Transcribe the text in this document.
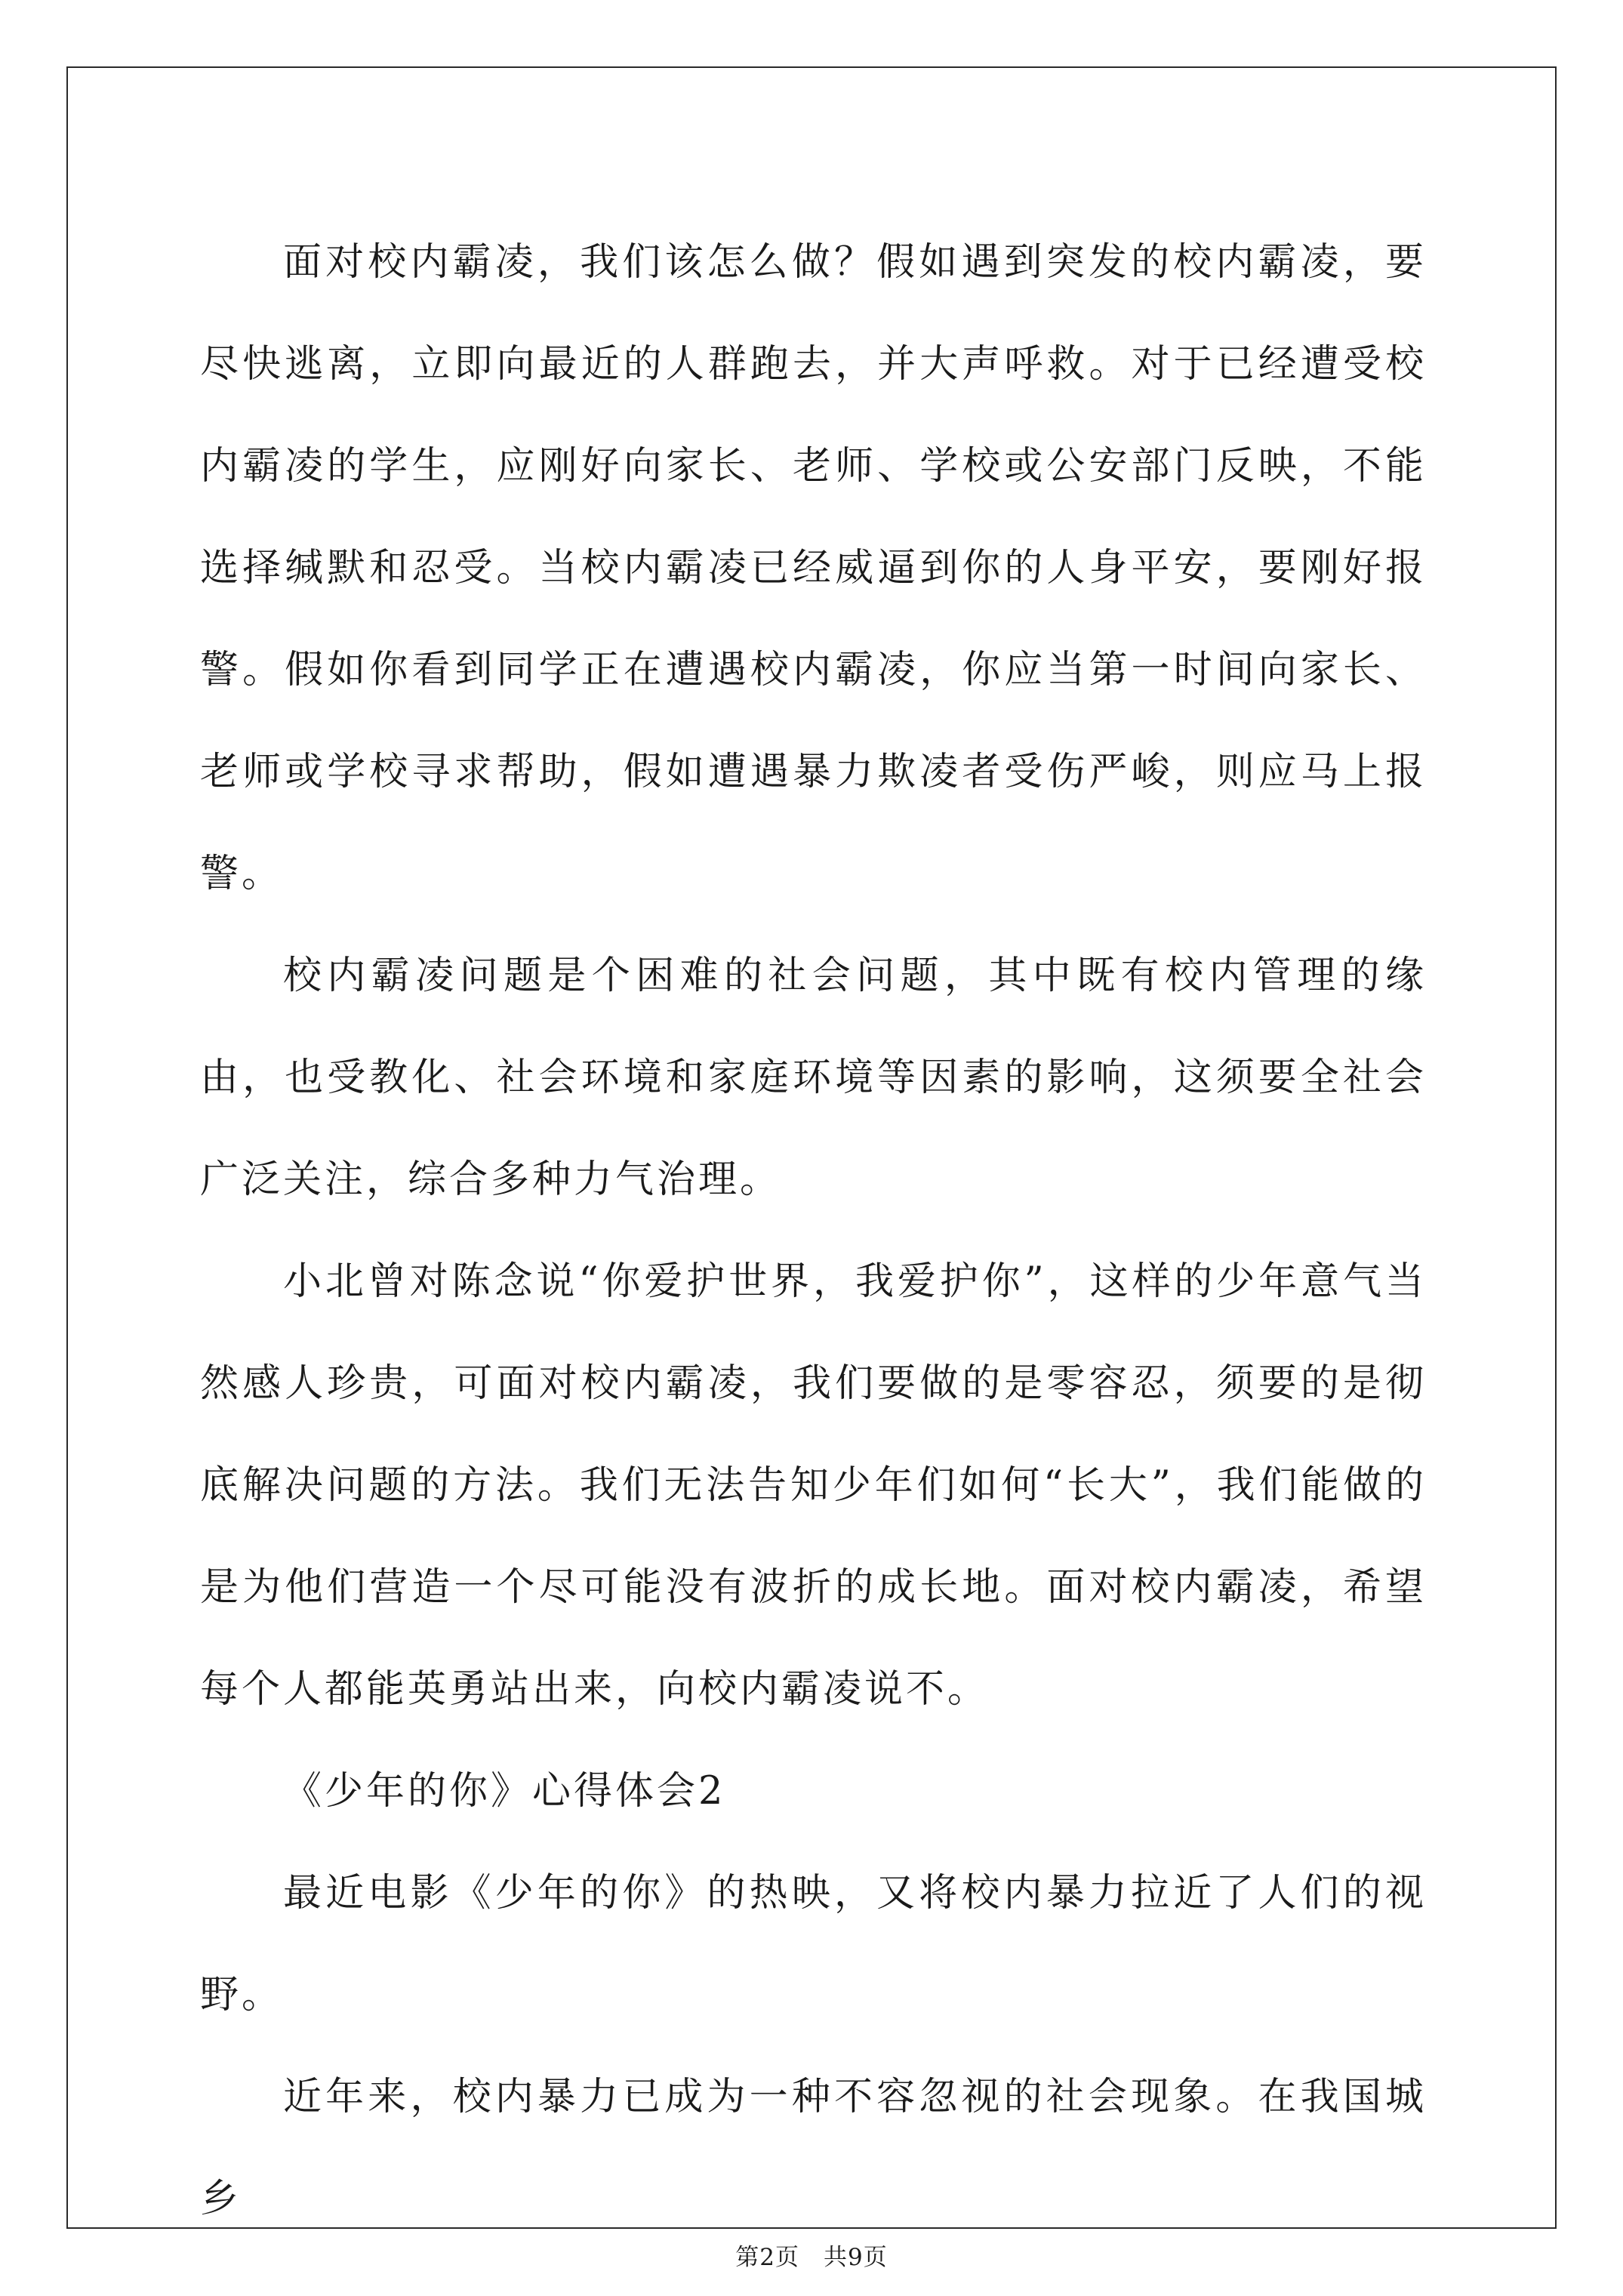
面对校内霸凌，我们该怎么做？假如遇到突发的校内霸凌，要尽快逃离，立即向最近的人群跑去，并大声呼救。对于已经遭受校内霸凌的学生，应刚好向家长、老师、学校或公安部门反映，不能选择缄默和忍受。当校内霸凌已经威逼到你的人身平安，要刚好报警。假如你看到同学正在遭遇校内霸凌，你应当第一时间向家长、老师或学校寻求帮助，假如遭遇暴力欺凌者受伤严峻，则应马上报警。

校内霸凌问题是个困难的社会问题，其中既有校内管理的缘由，也受教化、社会环境和家庭环境等因素的影响，这须要全社会广泛关注，综合多种力气治理。

小北曾对陈念说“你爱护世界，我爱护你”，这样的少年意气当然感人珍贵，可面对校内霸凌，我们要做的是零容忍，须要的是彻底解决问题的方法。我们无法告知少年们如何“长大”，我们能做的是为他们营造一个尽可能没有波折的成长地。面对校内霸凌，希望每个人都能英勇站出来，向校内霸凌说不。

《少年的你》心得体会2

最近电影《少年的你》的热映，又将校内暴力拉近了人们的视野。

近年来，校内暴力已成为一种不容忽视的社会现象。在我国城乡

第2页　共9页
